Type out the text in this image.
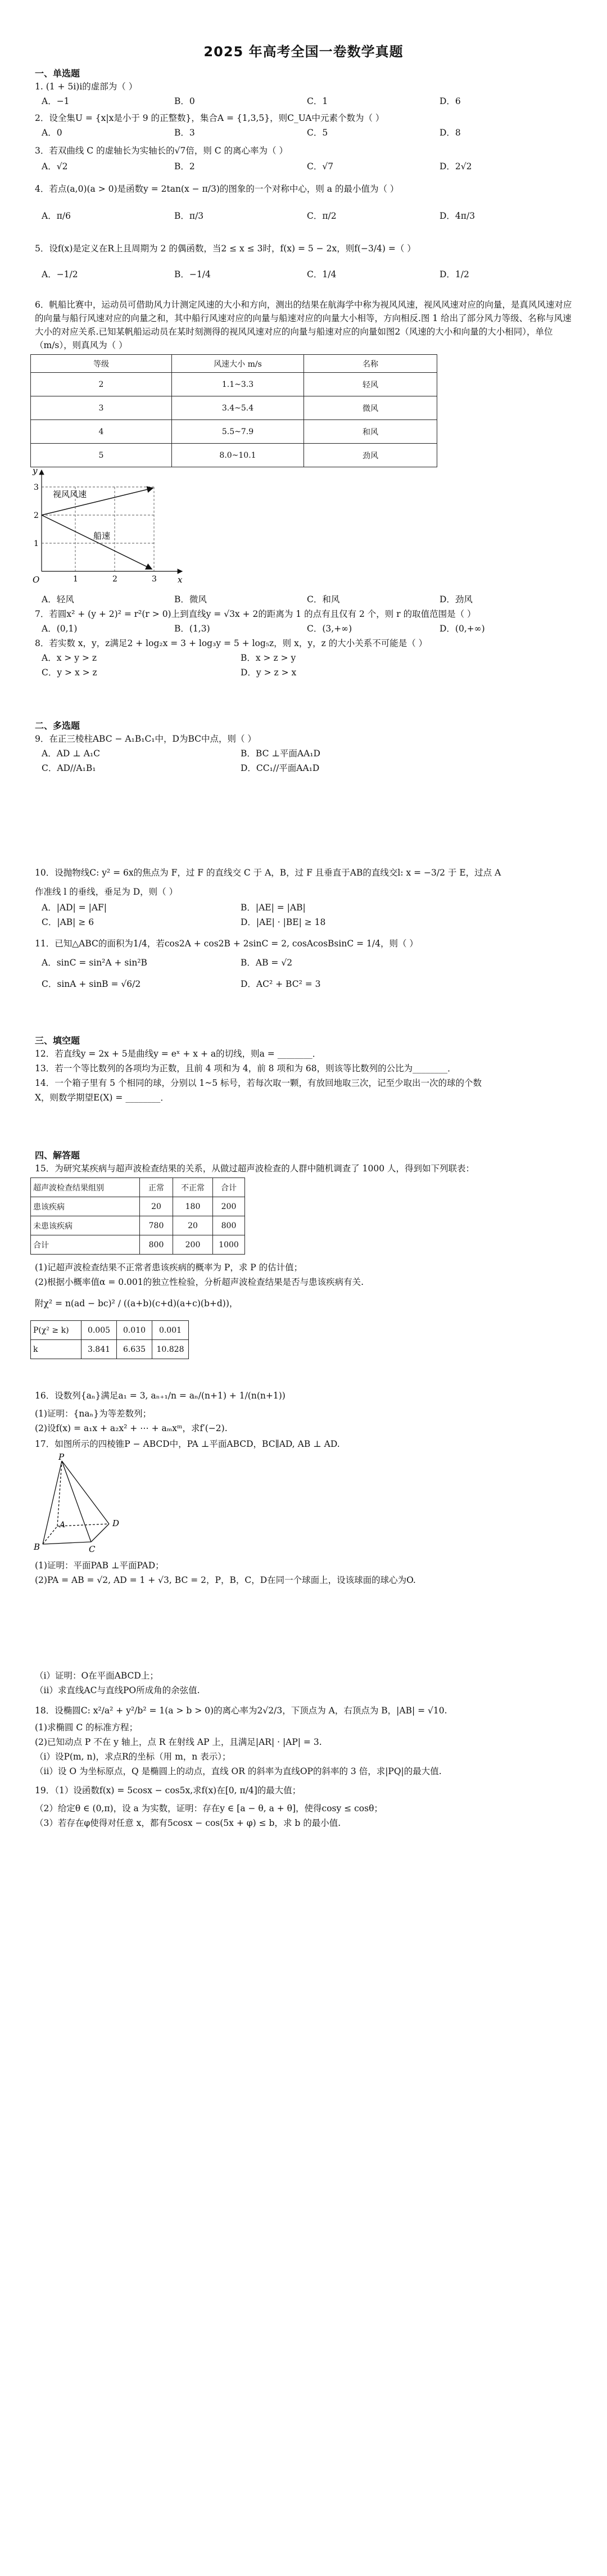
2025 年高考全国一卷数学真题
一、单选题
1. (1 + 5i)i的虚部为（ ）
A．−1	B．0	C．1	D．6
2．设全集U = {x|x是小于 9 的正整数}，集合A = {1,3,5}，则C_UA中元素个数为（ ）
A．0	B．3	C．5	D．8
3．若双曲线 C 的虚轴长为实轴长的√7倍，则 C 的离心率为（ ）
A．√2	B．2	C．√7	D．2√2
4．若点(a,0)(a > 0)是函数y = 2tan(x − π/3)的图象的一个对称中心，则 a 的最小值为（ ）
A．π/6	B．π/3	C．π/2	D．4π/3
5．设f(x)是定义在R上且周期为 2 的偶函数，当2 ≤ x ≤ 3时，f(x) = 5 − 2x，则f(−3/4) =（ ）
A．−1/2	B．−1/4	C．1/4	D．1/2
6．帆船比赛中，运动员可借助风力计测定风速的大小和方向，测出的结果在航海学中称为视风风速，视风风速对应的向量，是真风风速对应的向量与船行风速对应的向量之和，其中船行风速对应的向量与船速对应的向量大小相等，方向相反.图 1 给出了部分风力等级、名称与风速大小的对应关系.已知某帆船运动员在某时刻测得的视风风速对应的向量与船速对应的向量如图2（风速的大小和向量的大小相同），单位（m/s），则真风为（ ）
等级	风速大小 m/s	名称
2	1.1~3.3	轻风
3	3.4~5.4	微风
4	5.5~7.9	和风
5	8.0~10.1	劲风
视风风速
船速
y
x
O
1
2
3
1	2	3
A．轻风	B．微风	C．和风	D．劲风
7．若圆x² + (y + 2)² = r²(r > 0)上到直线y = √3x + 2的距离为 1 的点有且仅有 2 个，则 r 的取值范围是（ ）
A．(0,1)	B．(1,3)	C．(3,+∞)	D．(0,+∞)
8．若实数 x，y，z满足2 + log₂x = 3 + log₃y = 5 + log₅z，则 x，y，z 的大小关系不可能是（ ）
A．x > y > z	B．x > z > y
C．y > x > z	D．y > z > x
二、多选题
9．在正三棱柱ABC − A₁B₁C₁中，D为BC中点，则（ ）
A．AD ⊥ A₁C	B．BC ⊥平面AA₁D
C．AD//A₁B₁	D．CC₁//平面AA₁D
10．设抛物线C: y² = 6x的焦点为 F，过 F 的直线交 C 于 A，B，过 F 且垂直于AB的直线交l: x = −3/2 于 E，过点 A
作准线 l 的垂线，垂足为 D，则（ ）
A．|AD| = |AF|	B．|AE| = |AB|
C．|AB| ≥ 6	D．|AE| · |BE| ≥ 18
11．已知△ABC的面积为1/4，若cos2A + cos2B + 2sinC = 2, cosAcosBsinC = 1/4，则（ ）
A．sinC = sin²A + sin²B	B．AB = √2
C．sinA + sinB = √6/2	D．AC² + BC² = 3
三、填空题
12．若直线y = 2x + 5是曲线y = eˣ + x + a的切线，则a = ________．
13．若一个等比数列的各项均为正数，且前 4 项和为 4，前 8 项和为 68，则该等比数列的公比为________．
14．一个箱子里有 5 个相同的球，分别以 1~5 标号，若每次取一颗，有放回地取三次，记至少取出一次的球的个数
X，则数学期望E(X) = ________．
四、解答题
15．为研究某疾病与超声波检查结果的关系，从做过超声波检查的人群中随机调查了 1000 人，得到如下列联表：
超声波检查结果组别	正常	不正常	合计
患该疾病	20	180	200
未患该疾病	780	20	800
合计	800	200	1000
(1)记超声波检查结果不正常者患该疾病的概率为 P，求 P 的估计值；
(2)根据小概率值α = 0.001的独立性检验，分析超声波检查结果是否与患该疾病有关.
附χ² = n(ad − bc)² / ((a+b)(c+d)(a+c)(b+d))，
P(χ² ≥ k)	0.005	0.010	0.001
k	3.841	6.635	10.828
16．设数列{aₙ}满足a₁ = 3, aₙ₊₁/n = aₙ/(n+1) + 1/(n(n+1))
(1)证明：{naₙ}为等差数列；
(2)设f(x) = a₁x + a₂x² + ⋯ + aₘxᵐ，求f′(−2).
17．如图所示的四棱锥P − ABCD中，PA ⊥平面ABCD，BC∥AD, AB ⊥ AD.
P
A
B	C
D
(1)证明：平面PAB ⊥平面PAD；
(2)PA = AB = √2, AD = 1 + √3, BC = 2，P，B，C，D在同一个球面上，设该球面的球心为O.
（i）证明：O在平面ABCD上；
（ii）求直线AC与直线PO所成角的余弦值.
18．设椭圆C: x²/a² + y²/b² = 1(a > b > 0)的离心率为2√2/3，下顶点为 A，右顶点为 B，|AB| = √10.
(1)求椭圆 C 的标准方程；
(2)已知动点 P 不在 y 轴上，点 R 在射线 AP 上，且满足|AR| · |AP| = 3.
（i）设P(m, n)，求点R的坐标（用 m，n 表示）；
（ii）设 O 为坐标原点，Q 是椭圆上的动点，直线 OR 的斜率为直线OP的斜率的 3 倍，求|PQ|的最大值.
19．（1）设函数f(x) = 5cosx − cos5x,求f(x)在[0, π/4]的最大值；
（2）给定θ ∈ (0,π)，设 a 为实数，证明：存在y ∈ [a − θ, a + θ]，使得cosy ≤ cosθ；
（3）若存在φ使得对任意 x，都有5cosx − cos(5x + φ) ≤ b，求 b 的最小值.
